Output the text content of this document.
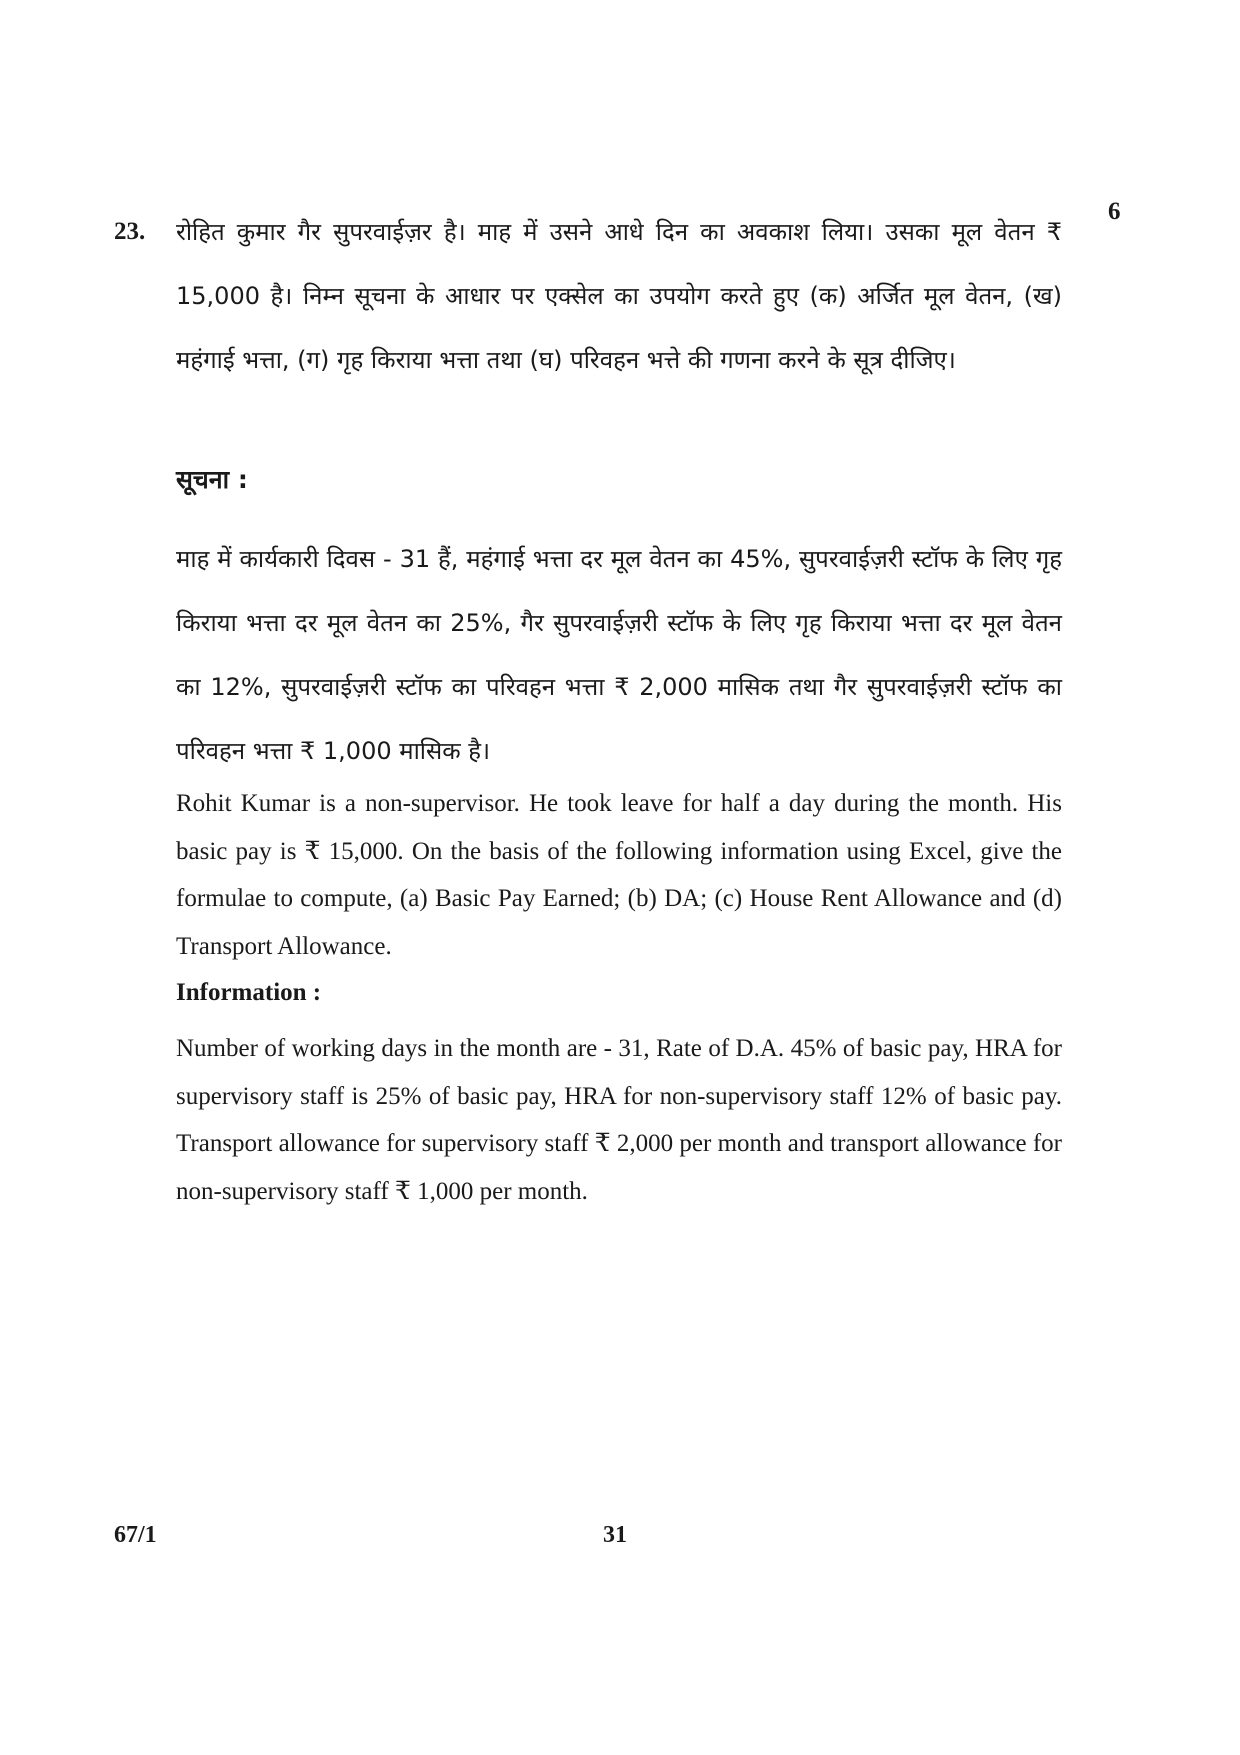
23.
6

रोहित कुमार गैर सुपरवाईज़र है। माह में उसने आधे दिन का अवकाश लिया। उसका मूल वेतन ₹ 15,000 है। निम्न सूचना के आधार पर एक्सेल का उपयोग करते हुए (क) अर्जित मूल वेतन, (ख) महंगाई भत्ता, (ग) गृह किराया भत्ता तथा (घ) परिवहन भत्ते की गणना करने के सूत्र दीजिए।

सूचना :

माह में कार्यकारी दिवस - 31 हैं, महंगाई भत्ता दर मूल वेतन का 45%, सुपरवाईज़री स्टॉफ के लिए गृह किराया भत्ता दर मूल वेतन का 25%, गैर सुपरवाईज़री स्टॉफ के लिए गृह किराया भत्ता दर मूल वेतन का 12%, सुपरवाईज़री स्टॉफ का परिवहन भत्ता ₹ 2,000 मासिक तथा गैर सुपरवाईज़री स्टॉफ का परिवहन भत्ता ₹ 1,000 मासिक है।

Rohit Kumar is a non-supervisor. He took leave for half a day during the month. His basic pay is ₹ 15,000. On the basis of the following information using Excel, give the formulae to compute, (a) Basic Pay Earned; (b) DA; (c) House Rent Allowance and (d) Transport Allowance.

Information :

Number of working days in the month are - 31, Rate of D.A. 45% of basic pay, HRA for supervisory staff is 25% of basic pay, HRA for non-supervisory staff 12% of basic pay. Transport allowance for supervisory staff ₹ 2,000 per month and transport allowance for non-supervisory staff ₹ 1,000 per month.

67/1	31
